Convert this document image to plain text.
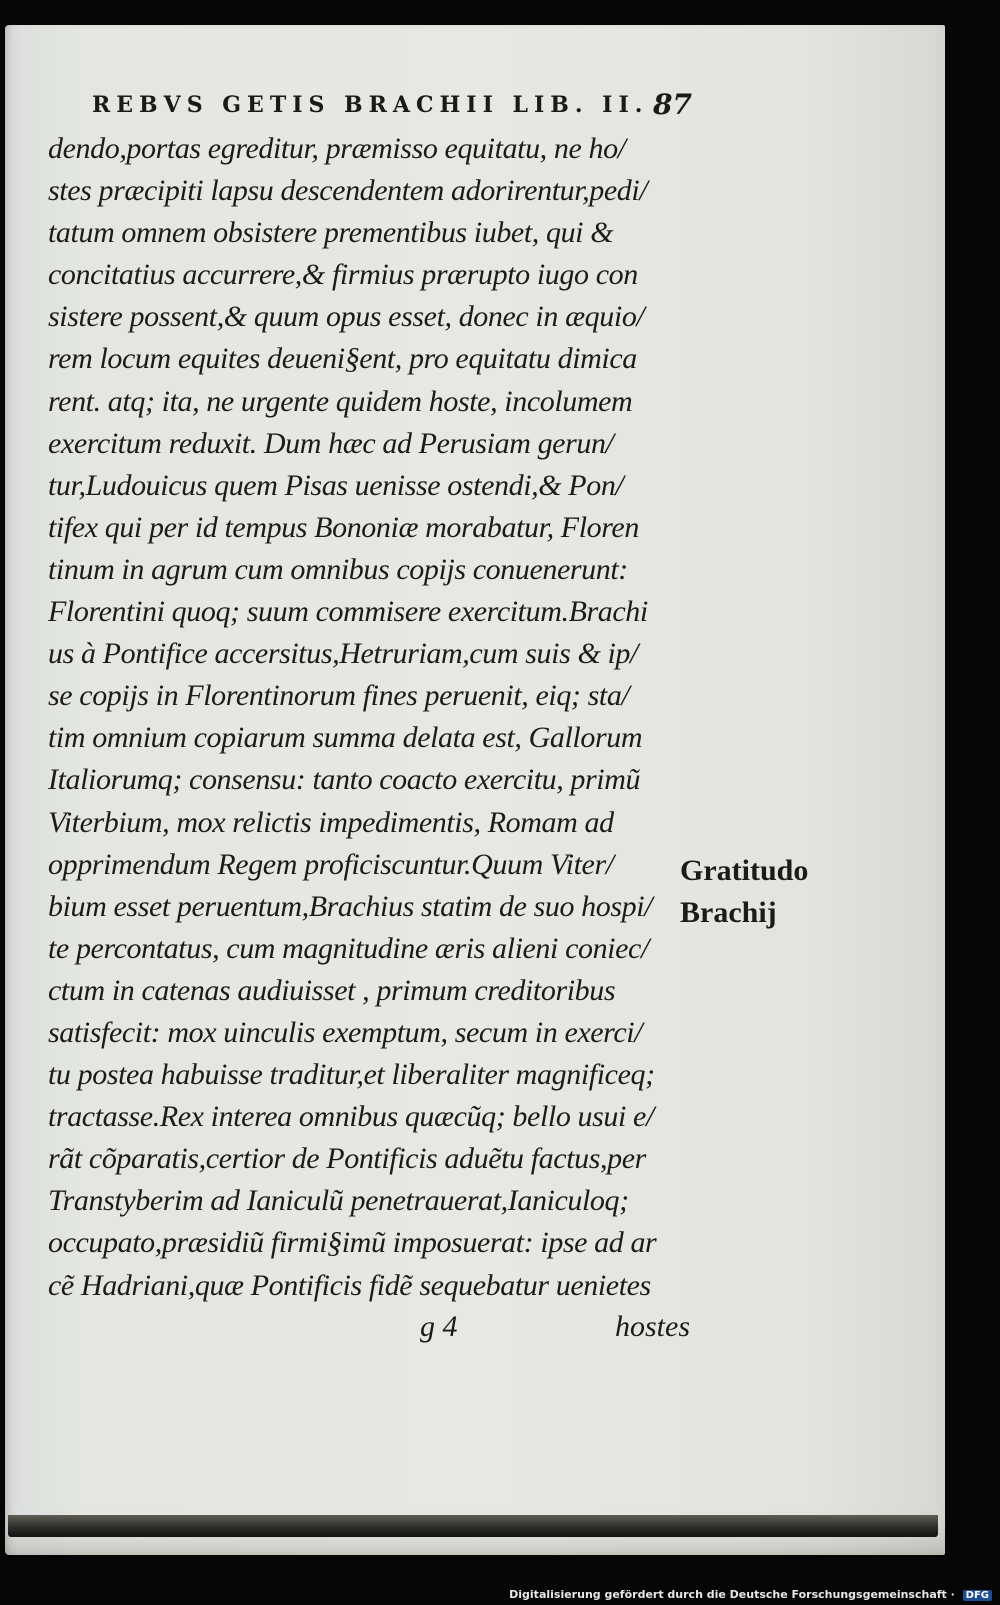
REBVS GETIS BRACHII LIB. II. 87
dendo,portas egreditur, præmisso equitatu, ne ho/
stes præcipiti lapsu descendentem adorirentur,pedi/
tatum omnem obsistere prementibus iubet, qui &
concitatius accurrere,& firmius prærupto iugo con
sistere possent,& quum opus esset, donec in æquio/
rem locum equites deueni§ent, pro equitatu dimica
rent. atq; ita, ne urgente quidem hoste, incolumem
exercitum reduxit. Dum hæc ad Perusiam gerun/
tur,Ludouicus quem Pisas uenisse ostendi,& Pon/
tifex qui per id tempus Bononiæ morabatur, Floren
tinum in agrum cum omnibus copijs conuenerunt:
Florentini quoq; suum commisere exercitum.Brachi
us à Pontifice accersitus,Hetruriam,cum suis & ip/
se copijs in Florentinorum fines peruenit, eiq; sta/
tim omnium copiarum summa delata est, Gallorum
Italiorumq; consensu: tanto coacto exercitu, primũ
Viterbium, mox relictis impedimentis, Romam ad
opprimendum Regem proficiscuntur.Quum Viter/
bium esset peruentum,Brachius statim de suo hospi/
te percontatus, cum magnitudine æris alieni coniec/
ctum in catenas audiuisset , primum creditoribus
satisfecit: mox uinculis exemptum, secum in exerci/
tu postea habuisse traditur,et liberaliter magnificeq;
tractasse.Rex interea omnibus quæcũq; bello usui e/
rãt cõparatis,certior de Pontificis aduẽtu factus,per
Transtyberim ad Ianiculũ penetrauerat,Ianiculoq;
occupato,præsidiũ firmi§imũ imposuerat: ipse ad ar
cẽ Hadriani,quæ Pontificis fidẽ sequebatur uenietes
Gratitudo
Brachij
g 4	hostes
Digitalisierung gefördert durch die Deutsche Forschungsgemeinschaft · DFG
